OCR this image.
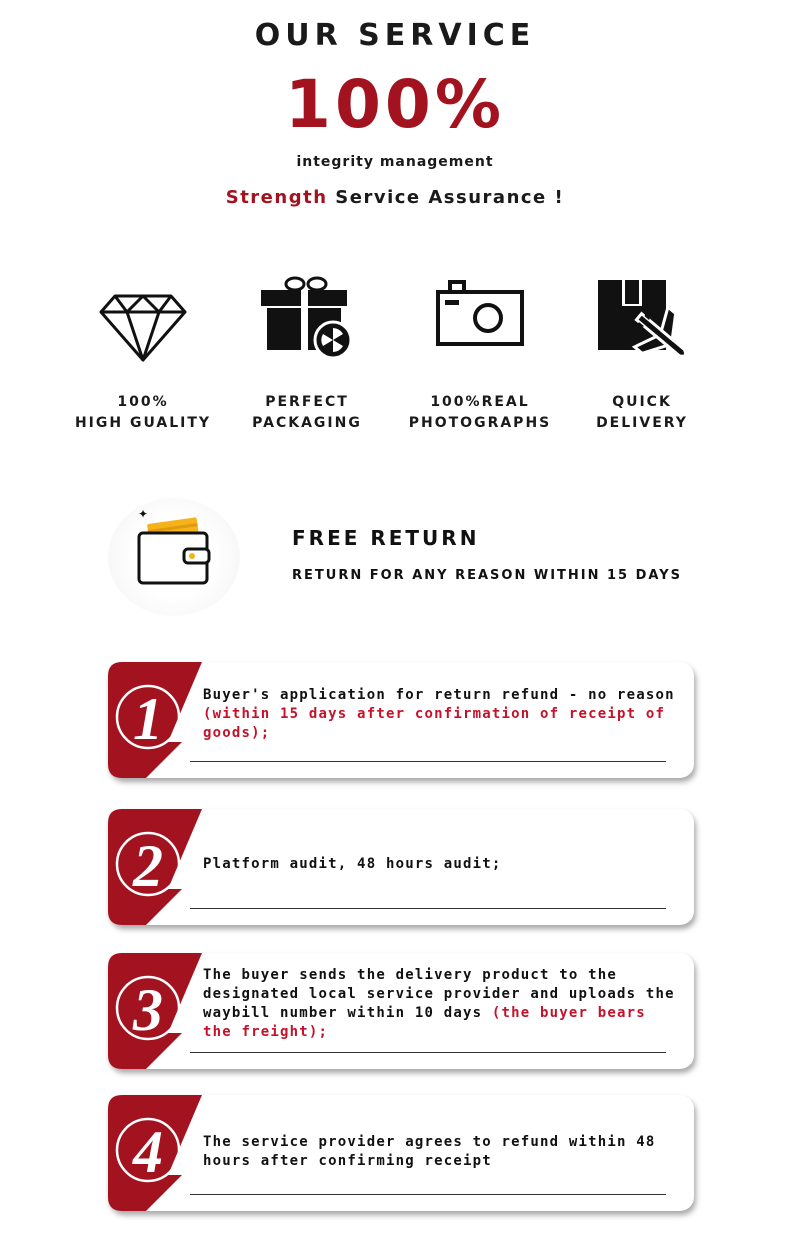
OUR SERVICE
100%
integrity management
Strength Service Assurance !
100%
HIGH GUALITY
PERFECT
PACKAGING
100%REAL
PHOTOGRAPHS
QUICK
DELIVERY
✦
FREE RETURN
RETURN FOR ANY REASON WITHIN 15 DAYS
1	Buyer's application for return refund - no reason (within 15 days after confirmation of receipt of goods);
2	Platform audit, 48 hours audit;
3
The buyer sends the delivery product to the designated local service provider and uploads the waybill number within 10 days (the buyer bears the freight);
4	The service provider agrees to refund within 48 hours after confirming receipt
